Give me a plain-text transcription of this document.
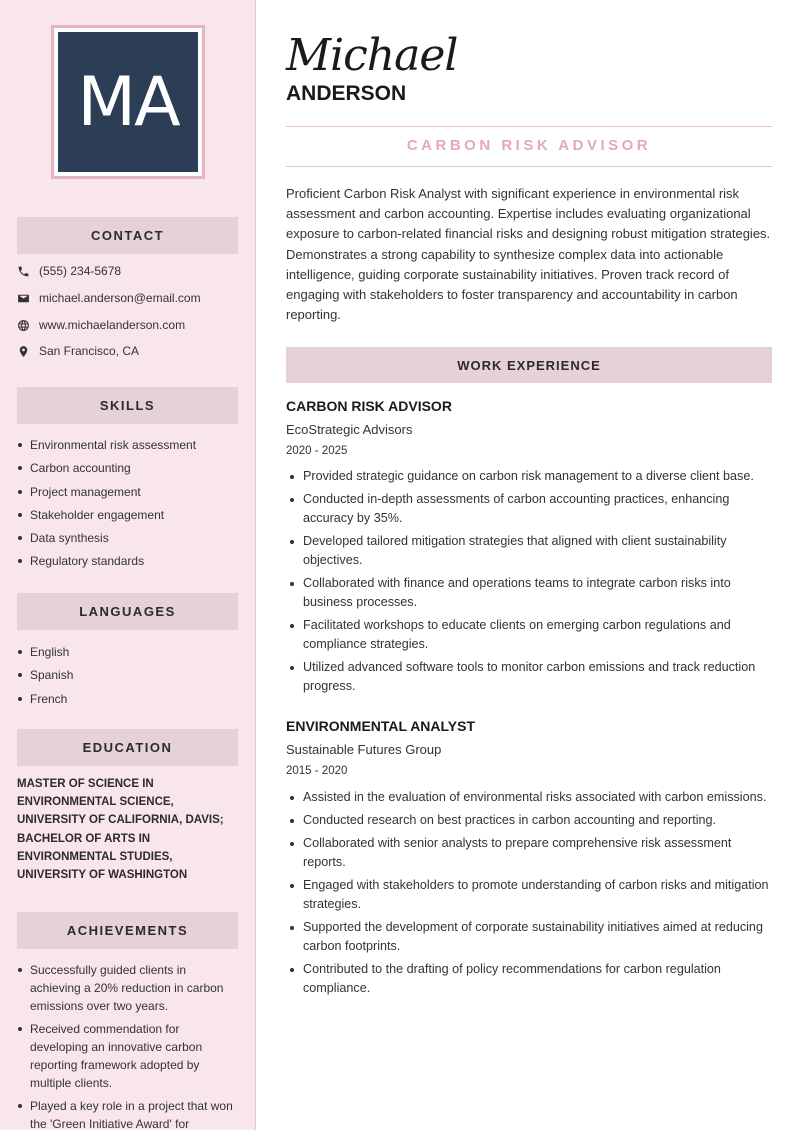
MA
CONTACT
(555) 234-5678
michael.anderson@email.com
www.michaelanderson.com
San Francisco, CA
SKILLS
Environmental risk assessment
Carbon accounting
Project management
Stakeholder engagement
Data synthesis
Regulatory standards
LANGUAGES
English
Spanish
French
EDUCATION
MASTER OF SCIENCE IN ENVIRONMENTAL SCIENCE, UNIVERSITY OF CALIFORNIA, DAVIS; BACHELOR OF ARTS IN ENVIRONMENTAL STUDIES, UNIVERSITY OF WASHINGTON
ACHIEVEMENTS
Successfully guided clients in achieving a 20% reduction in carbon emissions over two years.
Received commendation for developing an innovative carbon reporting framework adopted by multiple clients.
Played a key role in a project that won the 'Green Initiative Award' for
Michael
ANDERSON
CARBON RISK ADVISOR
Proficient Carbon Risk Analyst with significant experience in environmental risk assessment and carbon accounting. Expertise includes evaluating organizational exposure to carbon-related financial risks and designing robust mitigation strategies. Demonstrates a strong capability to synthesize complex data into actionable intelligence, guiding corporate sustainability initiatives. Proven track record of engaging with stakeholders to foster transparency and accountability in carbon reporting.
WORK EXPERIENCE
CARBON RISK ADVISOR
EcoStrategic Advisors
2020 - 2025
Provided strategic guidance on carbon risk management to a diverse client base.
Conducted in-depth assessments of carbon accounting practices, enhancing accuracy by 35%.
Developed tailored mitigation strategies that aligned with client sustainability objectives.
Collaborated with finance and operations teams to integrate carbon risks into business processes.
Facilitated workshops to educate clients on emerging carbon regulations and compliance strategies.
Utilized advanced software tools to monitor carbon emissions and track reduction progress.
ENVIRONMENTAL ANALYST
Sustainable Futures Group
2015 - 2020
Assisted in the evaluation of environmental risks associated with carbon emissions.
Conducted research on best practices in carbon accounting and reporting.
Collaborated with senior analysts to prepare comprehensive risk assessment reports.
Engaged with stakeholders to promote understanding of carbon risks and mitigation strategies.
Supported the development of corporate sustainability initiatives aimed at reducing carbon footprints.
Contributed to the drafting of policy recommendations for carbon regulation compliance.
